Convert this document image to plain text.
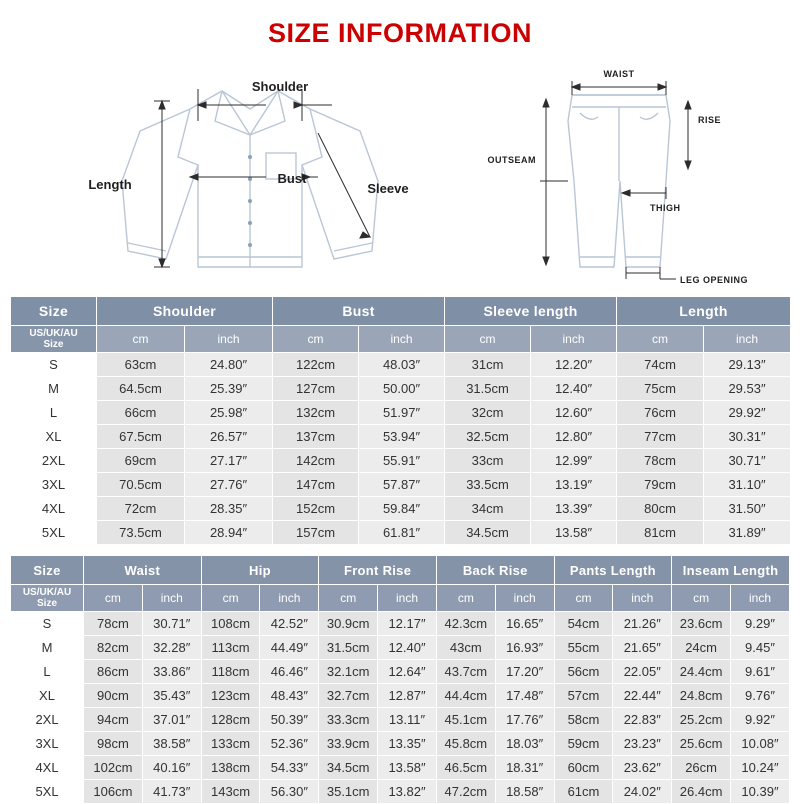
SIZE INFORMATION
Shoulder
Bust
Length	Sleeve
WAIST
RISE
OUTSEAM
THIGH
LEG OPENING
Size	Shoulder		Bust		Sleeve length		Length	
US/UK/AU
Size	cm	inch	cm	inch	cm	inch	cm	inch
S	63cm	24.80″	122cm	48.03″	31cm	12.20″	74cm	29.13″
M	64.5cm	25.39″	127cm	50.00″	31.5cm	12.40″	75cm	29.53″
L	66cm	25.98″	132cm	51.97″	32cm	12.60″	76cm	29.92″
XL	67.5cm	26.57″	137cm	53.94″	32.5cm	12.80″	77cm	30.31″
2XL	69cm	27.17″	142cm	55.91″	33cm	12.99″	78cm	30.71″
3XL	70.5cm	27.76″	147cm	57.87″	33.5cm	13.19″	79cm	31.10″
4XL	72cm	28.35″	152cm	59.84″	34cm	13.39″	80cm	31.50″
5XL	73.5cm	28.94″	157cm	61.81″	34.5cm	13.58″	81cm	31.89″
Size	Waist		Hip		Front Rise		Back Rise		Pants Length		Inseam Length	
US/UK/AU
Size	cm	inch	cm	inch	cm	inch	cm	inch	cm	inch	cm	inch
S	78cm	30.71″	108cm	42.52″	30.9cm	12.17″	42.3cm	16.65″	54cm	21.26″	23.6cm	9.29″
M	82cm	32.28″	113cm	44.49″	31.5cm	12.40″	43cm	16.93″	55cm	21.65″	24cm	9.45″
L	86cm	33.86″	118cm	46.46″	32.1cm	12.64″	43.7cm	17.20″	56cm	22.05″	24.4cm	9.61″
XL	90cm	35.43″	123cm	48.43″	32.7cm	12.87″	44.4cm	17.48″	57cm	22.44″	24.8cm	9.76″
2XL	94cm	37.01″	128cm	50.39″	33.3cm	13.11″	45.1cm	17.76″	58cm	22.83″	25.2cm	9.92″
3XL	98cm	38.58″	133cm	52.36″	33.9cm	13.35″	45.8cm	18.03″	59cm	23.23″	25.6cm	10.08″
4XL	102cm	40.16″	138cm	54.33″	34.5cm	13.58″	46.5cm	18.31″	60cm	23.62″	26cm	10.24″
5XL	106cm	41.73″	143cm	56.30″	35.1cm	13.82″	47.2cm	18.58″	61cm	24.02″	26.4cm	10.39″
